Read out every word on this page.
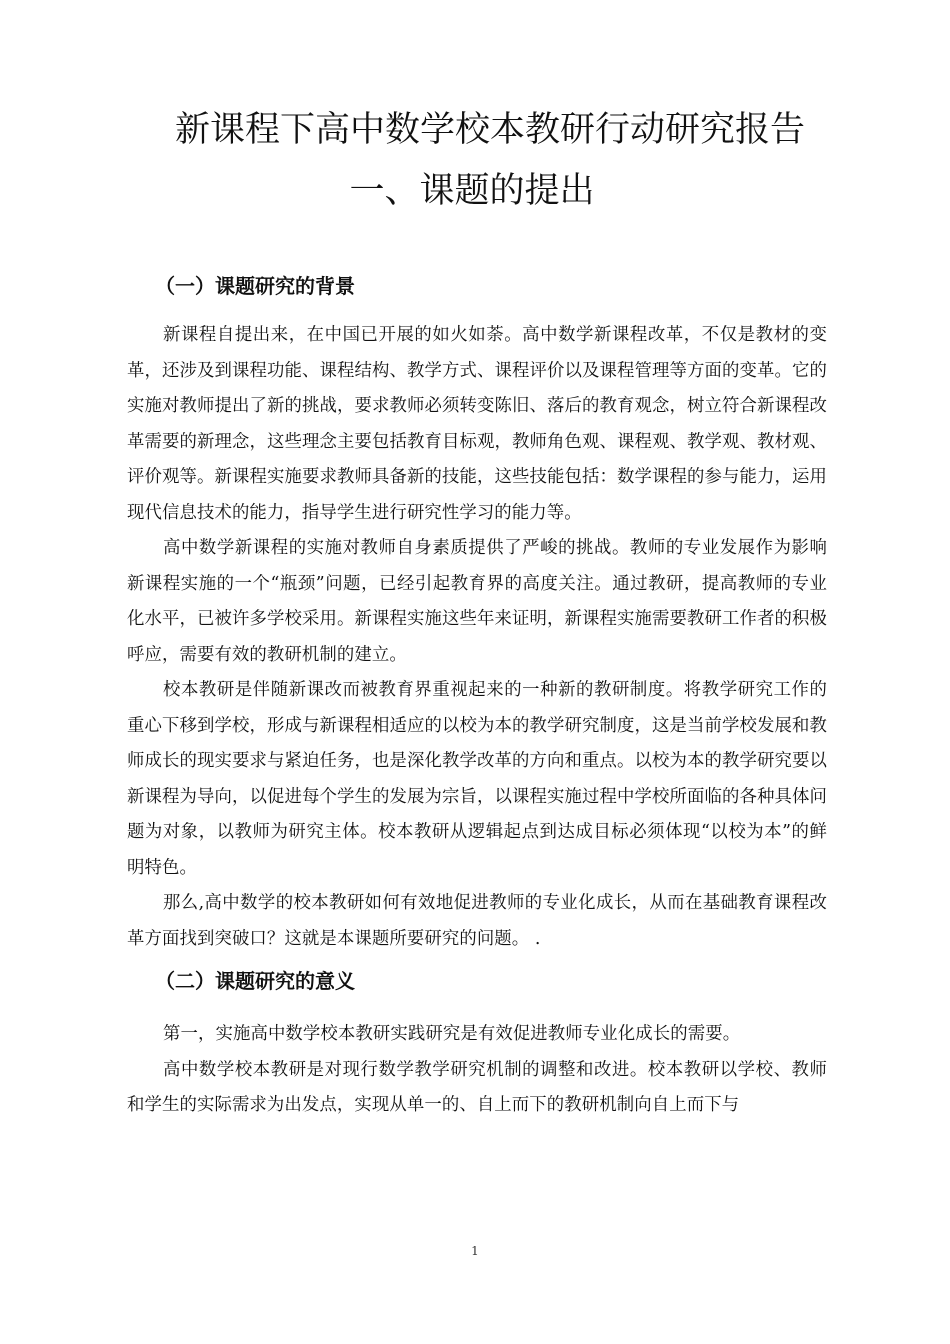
新课程下高中数学校本教研行动研究报告
一、课题的提出
（一）课题研究的背景

新课程自提出来，在中国已开展的如火如荼。高中数学新课程改革，不仅是教材的变革，还涉及到课程功能、课程结构、教学方式、课程评价以及课程管理等方面的变革。它的实施对教师提出了新的挑战，要求教师必须转变陈旧、落后的教育观念，树立符合新课程改革需要的新理念，这些理念主要包括教育目标观，教师角色观、课程观、教学观、教材观、评价观等。新课程实施要求教师具备新的技能，这些技能包括：数学课程的参与能力，运用现代信息技术的能力，指导学生进行研究性学习的能力等。

高中数学新课程的实施对教师自身素质提供了严峻的挑战。教师的专业发展作为影响新课程实施的一个“瓶颈”问题，已经引起教育界的高度关注。通过教研，提高教师的专业化水平，已被许多学校采用。新课程实施这些年来证明，新课程实施需要教研工作者的积极呼应，需要有效的教研机制的建立。

校本教研是伴随新课改而被教育界重视起来的一种新的教研制度。将教学研究工作的重心下移到学校，形成与新课程相适应的以校为本的教学研究制度，这是当前学校发展和教师成长的现实要求与紧迫任务，也是深化教学改革的方向和重点。以校为本的教学研究要以新课程为导向，以促进每个学生的发展为宗旨，以课程实施过程中学校所面临的各种具体问题为对象，以教师为研究主体。校本教研从逻辑起点到达成目标必须体现“以校为本”的鲜明特色。

那么,高中数学的校本教研如何有效地促进教师的专业化成长，从而在基础教育课程改革方面找到突破口？这就是本课题所要研究的问题。 .

（二）课题研究的意义

第一，实施高中数学校本教研实践研究是有效促进教师专业化成长的需要。

高中数学校本教研是对现行数学教学研究机制的调整和改进。校本教研以学校、教师和学生的实际需求为出发点，实现从单一的、自上而下的教研机制向自上而下与

1
